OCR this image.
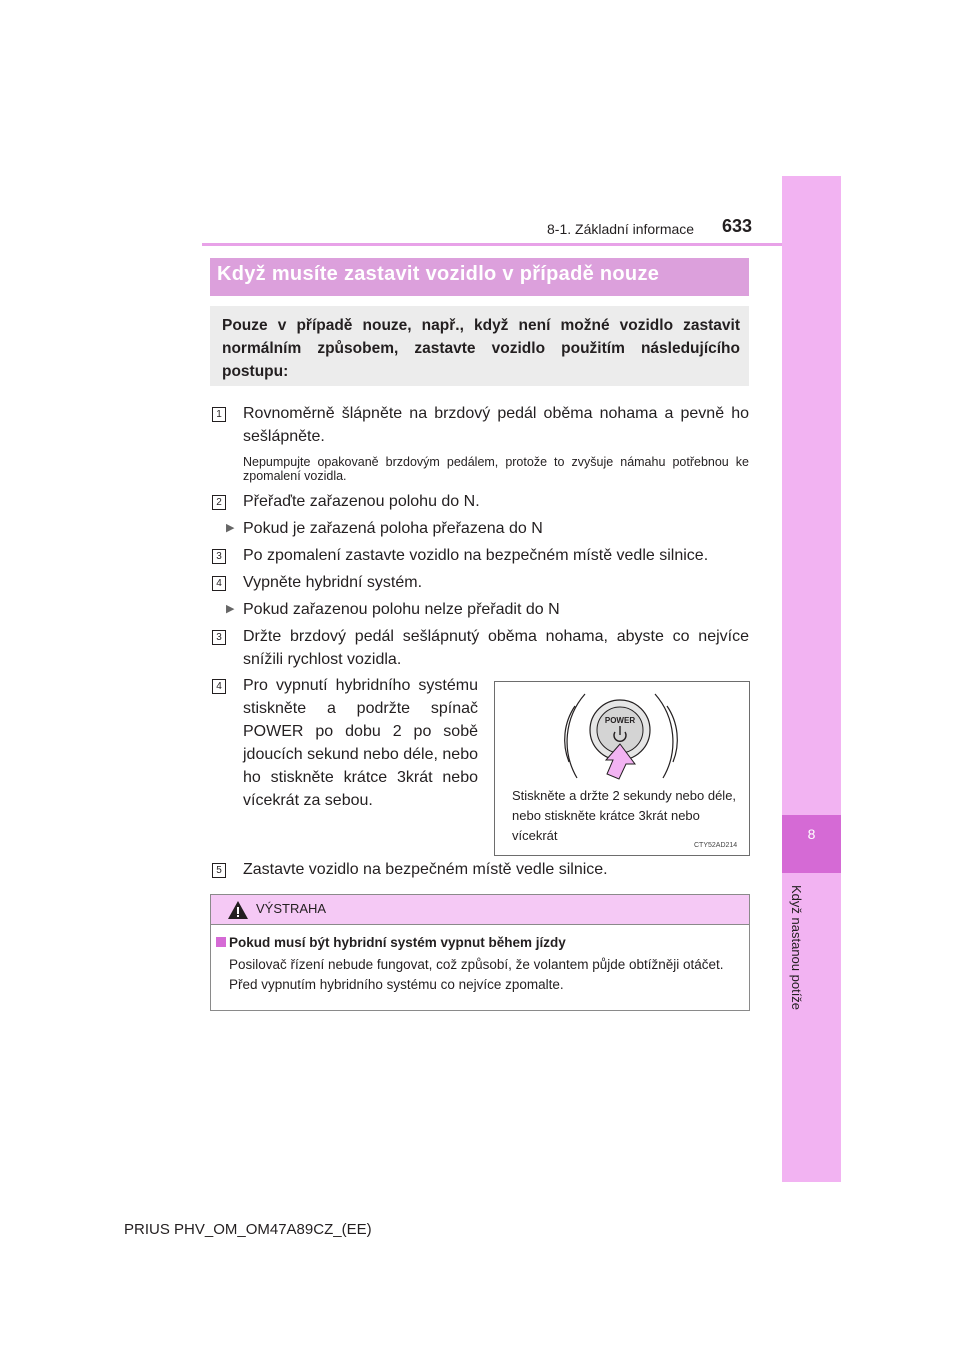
8
Když nastanou potíže
8-1. Základní informace 633
Když musíte zastavit vozidlo v případě nouze

Pouze v případě nouze, např., když není možné vozidlo zastavit normálním způsobem, zastavte vozidlo použitím následujícího postupu:

1 Rovnoměrně šlápněte na brzdový pedál oběma nohama a pevně ho sešlápněte.
Nepumpujte opakovaně brzdovým pedálem, protože to zvyšuje námahu potřebnou ke zpomalení vozidla.
2 Přeřaďte zařazenou polohu do N.
▶ Pokud je zařazená poloha přeřazena do N
3 Po zpomalení zastavte vozidlo na bezpečném místě vedle silnice.
4 Vypněte hybridní systém.
▶ Pokud zařazenou polohu nelze přeřadit do N
3 Držte brzdový pedál sešlápnutý oběma nohama, abyste co nejvíce snížili rychlost vozidla.
4 Pro vypnutí hybridního systému stiskněte a podržte spínač POWER po dobu 2 po sobě jdoucích sekund nebo déle, nebo ho stiskněte krátce 3krát nebo vícekrát za sebou.
POWER
Stiskněte a držte 2 sekundy nebo déle, nebo stiskněte krátce 3krát nebo vícekrát
CTY52AD214
5 Zastavte vozidlo na bezpečném místě vedle silnice.
VÝSTRAHA
Pokud musí být hybridní systém vypnut během jízdy
Posilovač řízení nebude fungovat, což způsobí, že volantem půjde obtížněji otáčet. Před vypnutím hybridního systému co nejvíce zpomalte.
PRIUS PHV_OM_OM47A89CZ_(EE)
